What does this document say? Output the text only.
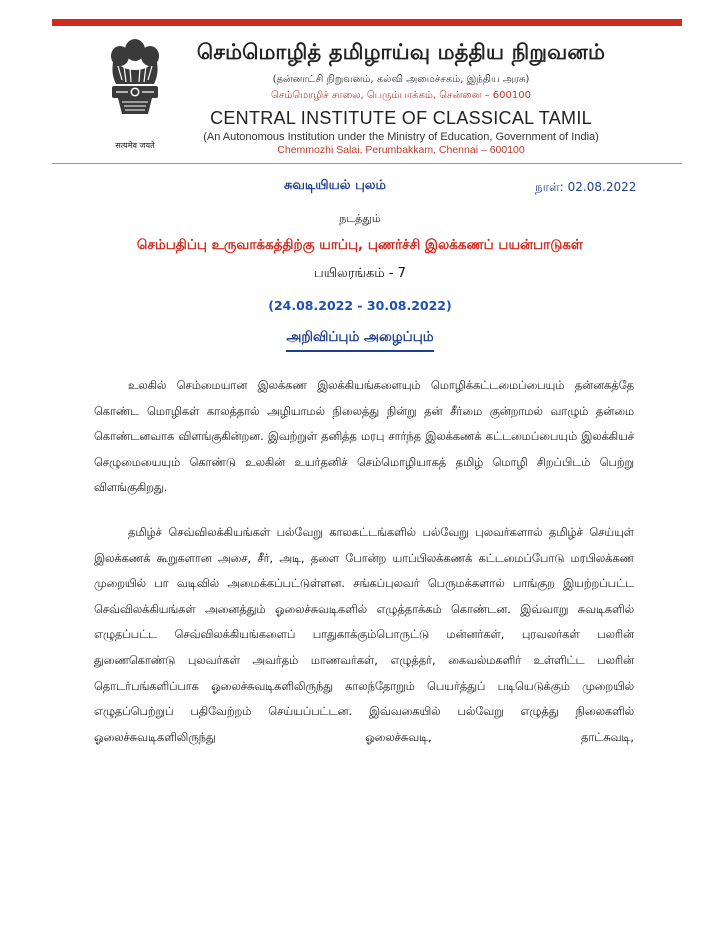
सत्यमेव जयते
செம்மொழித் தமிழாய்வு மத்திய நிறுவனம்
(தன்னாட்சி நிறுவனம், கல்வி அமைச்சகம், இந்திய அரசு)
செம்மொழிச் சாலை, பெரும்பாக்கம், சென்னை – 600100
CENTRAL INSTITUTE OF CLASSICAL TAMIL
(An Autonomous Institution under the Ministry of Education, Government of India)
Chemmozhi Salai, Perumbakkam, Chennai – 600100
சுவடியியல் புலம்	நாள்: 02.08.2022
நடத்தும்
செம்பதிப்பு உருவாக்கத்திற்கு யாப்பு, புணர்ச்சி இலக்கணப் பயன்பாடுகள்
பயிலரங்கம் - 7
(24.08.2022 - 30.08.2022)
அறிவிப்பும் அழைப்பும்
உலகில் செம்மையான இலக்கண இலக்கியங்களையும் மொழிக்கட்டமைப்பையும் தன்னகத்தே கொண்ட மொழிகள் காலத்தால் அழியாமல் நிலைத்து நின்று தன் சீர்மை குன்றாமல் வாழும் தன்மை கொண்டனவாக விளங்குகின்றன. இவற்றுள் தனித்த மரபு சார்ந்த இலக்கணக் கட்டமைப்பையும் இலக்கியச் செழுமையையும் கொண்டு உலகின் உயர்தனிச் செம்மொழியாகத் தமிழ் மொழி சிறப்பிடம் பெற்று விளங்குகிறது.
தமிழ்ச் செவ்விலக்கியங்கள் பல்வேறு காலகட்டங்களில் பல்வேறு புலவர்களால் தமிழ்ச் செய்யுள் இலக்கணக் கூறுகளான அசை, சீர், அடி, தளை போன்ற யாப்பிலக்கணக் கட்டமைப்போடு மரபிலக்கண முறையில் பா வடிவில் அமைக்கப்பட்டுள்ளன. சங்கப்புலவர் பெருமக்களால் பாங்குற இயற்றப்பட்ட செவ்விலக்கியங்கள் அனைத்தும் ஓலைச்சுவடிகளில் எழுத்தாக்கம் கொண்டன. இவ்வாறு சுவடிகளில் எழுதப்பட்ட செவ்விலக்கியங்களைப் பாதுகாக்கும்பொருட்டு மன்னர்கள், புரவலர்கள் பலரின் துணைகொண்டு புலவர்கள் அவர்தம் மாணவர்கள், எழுத்தர், கைவல்மகளிர் உள்ளிட்ட பலரின் தொடர்பங்களிப்பாக ஓலைச்சுவடிகளிலிருந்து காலந்தோறும் பெயர்த்துப் படியெடுக்கும் முறையில் எழுதப்பெற்றுப் பதிவேற்றம் செய்யப்பட்டன. இவ்வகையில் பல்வேறு எழுத்து நிலைகளில் ஓலைச்சுவடிகளிலிருந்து ஓலைச்சுவடி, தாட்சுவடி,
